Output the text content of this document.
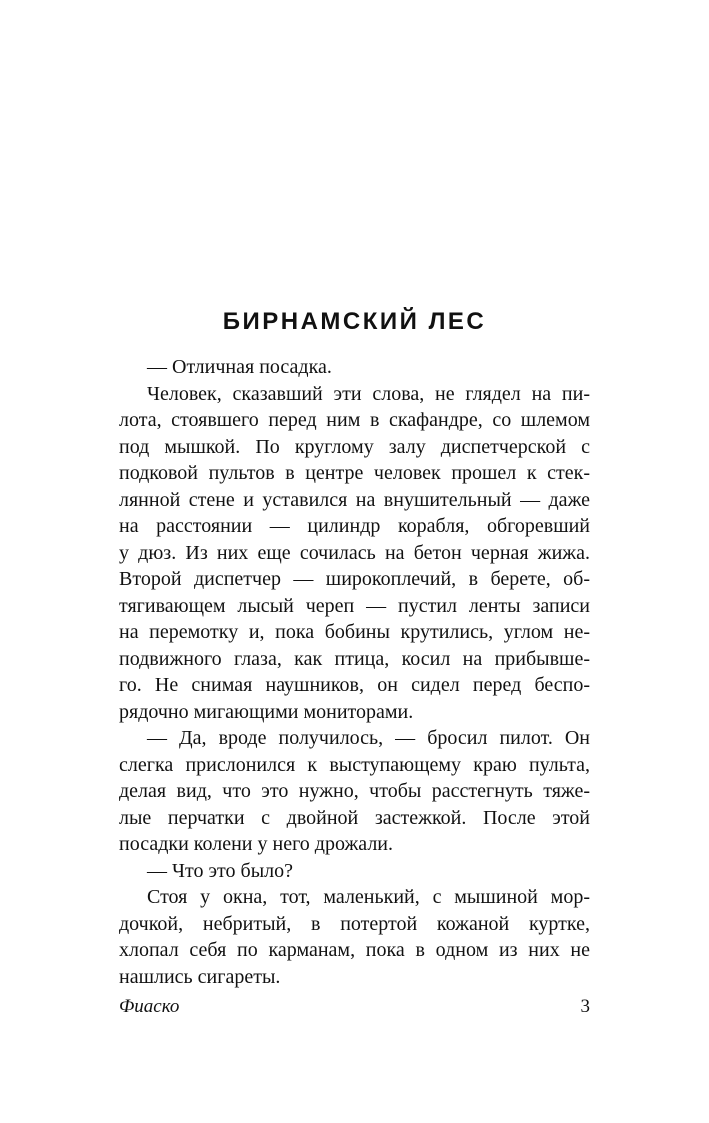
БИРНАМСКИЙ ЛЕС
— Отличная посадка.
Человек, сказавший эти слова, не глядел на пи-
лота, стоявшего перед ним в скафандре, со шлемом
под мышкой. По круглому залу диспетчерской с
подковой пультов в центре человек прошел к стек-
лянной стене и уставился на внушительный — даже
на расстоянии — цилиндр корабля, обгоревший
у дюз. Из них еще сочилась на бетон черная жижа.
Второй диспетчер — широкоплечий, в берете, об-
тягивающем лысый череп — пустил ленты записи
на перемотку и, пока бобины крутились, углом не-
подвижного глаза, как птица, косил на прибывше-
го. Не снимая наушников, он сидел перед беспо-
рядочно мигающими мониторами.
— Да, вроде получилось, — бросил пилот. Он
слегка прислонился к выступающему краю пульта,
делая вид, что это нужно, чтобы расстегнуть тяже-
лые перчатки с двойной застежкой. После этой
посадки колени у него дрожали.
— Что это было?
Стоя у окна, тот, маленький, с мышиной мор-
дочкой, небритый, в потертой кожаной куртке,
хлопал себя по карманам, пока в одном из них не
нашлись сигареты.
Фиаско	3
